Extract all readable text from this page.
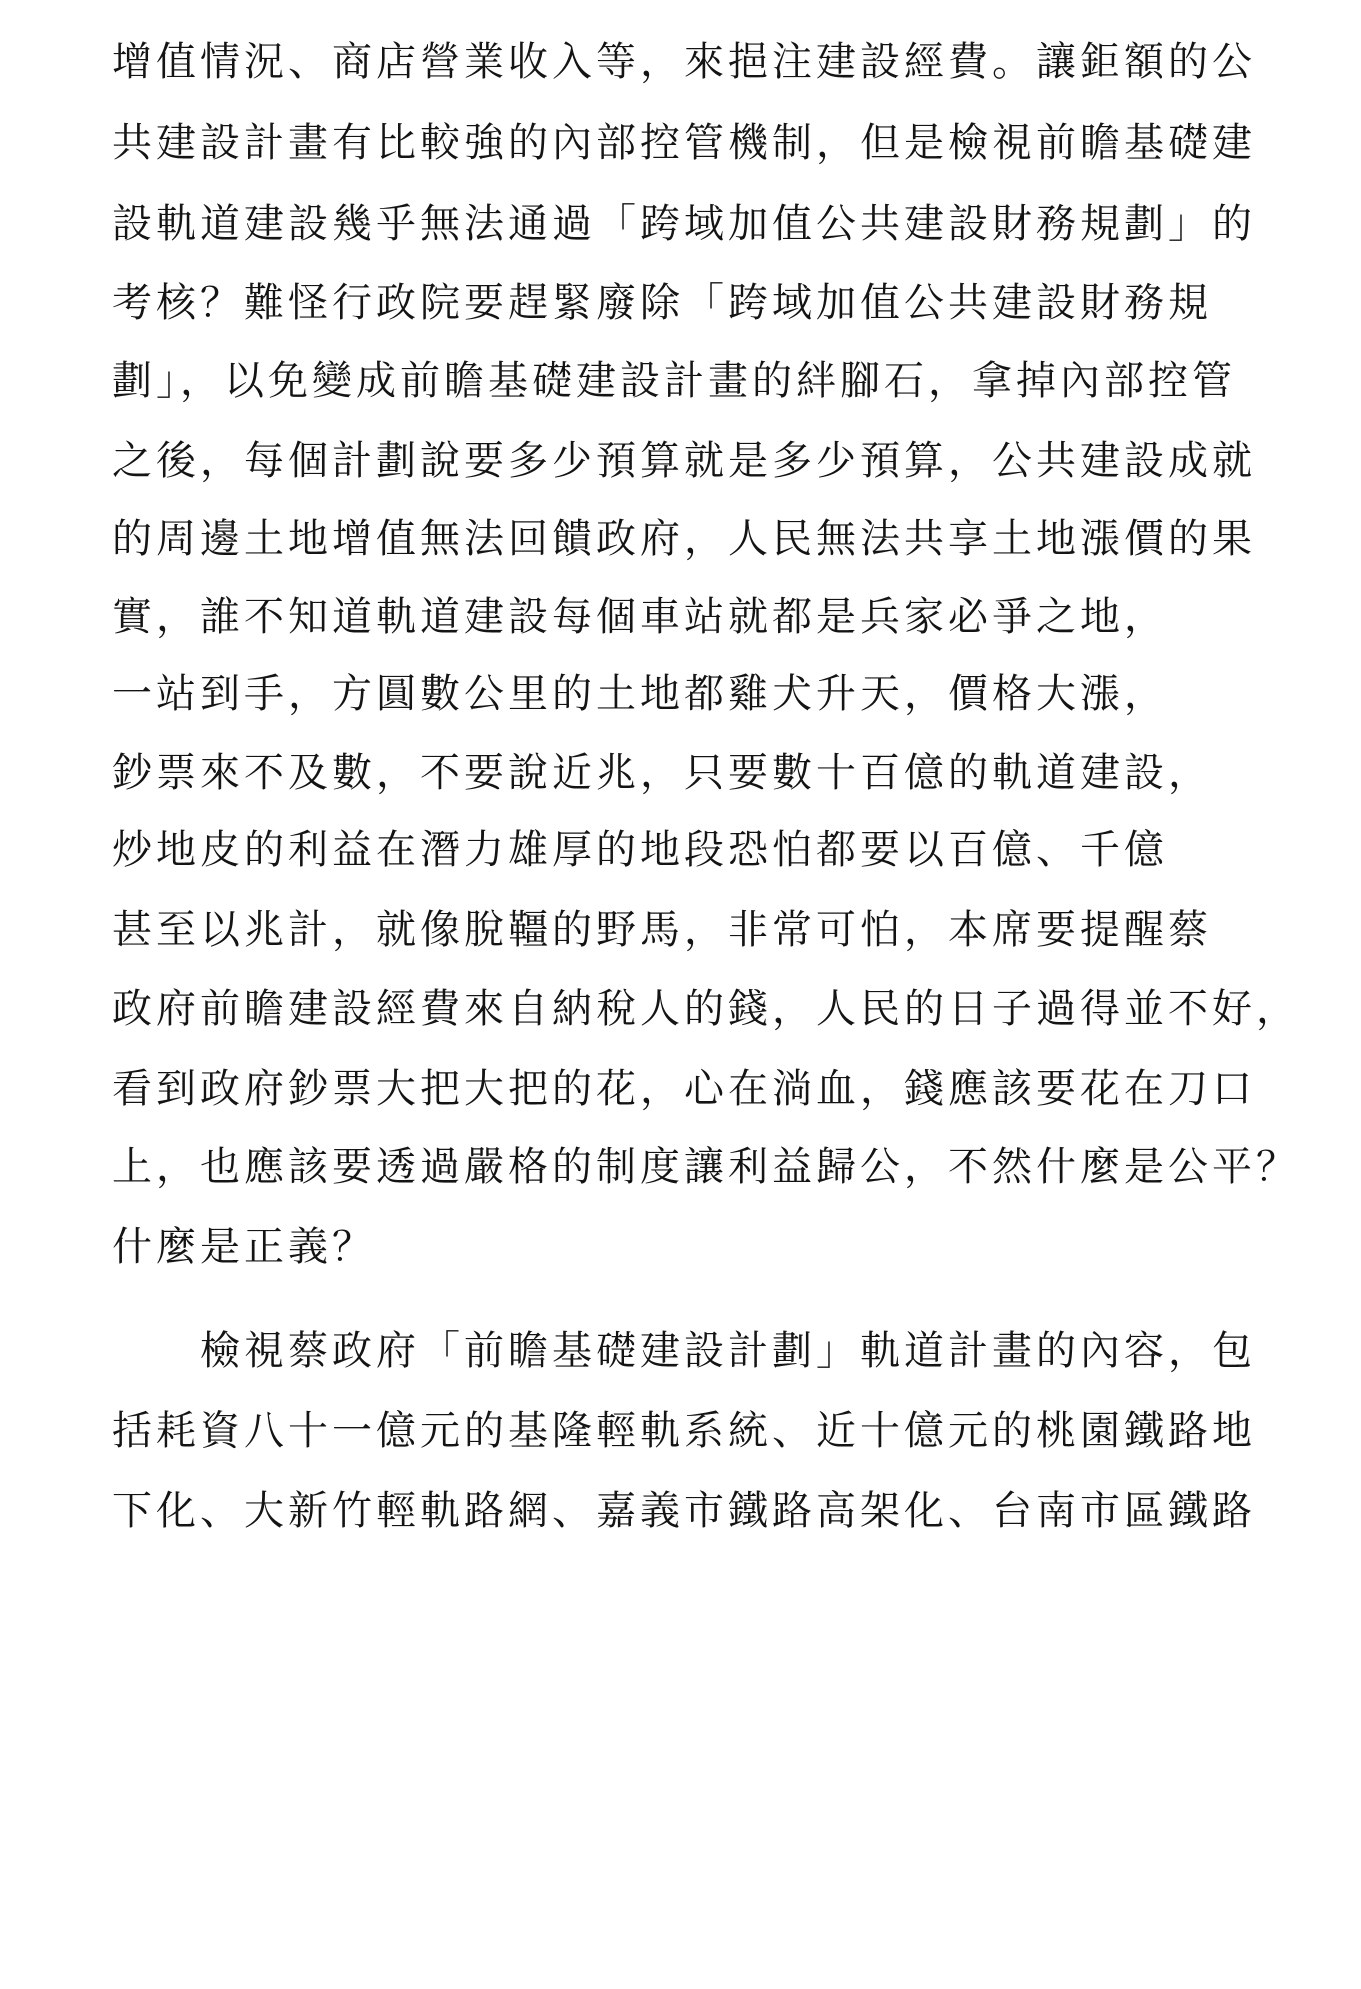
增值情況、商店營業收入等，來挹注建設經費。讓鉅額的公
共建設計畫有比較強的內部控管機制，但是檢視前瞻基礎建
設軌道建設幾乎無法通過「跨域加值公共建設財務規劃」的
考核？難怪行政院要趕緊廢除「跨域加值公共建設財務規
劃」，以免變成前瞻基礎建設計畫的絆腳石，拿掉內部控管
之後，每個計劃說要多少預算就是多少預算，公共建設成就
的周邊土地增值無法回饋政府，人民無法共享土地漲價的果
實，誰不知道軌道建設每個車站就都是兵家必爭之地，
一站到手，方圓數公里的土地都雞犬升天，價格大漲，
鈔票來不及數，不要說近兆，只要數十百億的軌道建設，
炒地皮的利益在潛力雄厚的地段恐怕都要以百億、千億
甚至以兆計，就像脫韁的野馬，非常可怕，本席要提醒蔡
政府前瞻建設經費來自納稅人的錢，人民的日子過得並不好，
看到政府鈔票大把大把的花，心在淌血，錢應該要花在刀口
上，也應該要透過嚴格的制度讓利益歸公，不然什麼是公平？
什麼是正義？
檢視蔡政府「前瞻基礎建設計劃」軌道計畫的內容，包
括耗資八十一億元的基隆輕軌系統、近十億元的桃園鐵路地
下化、大新竹輕軌路網、嘉義市鐵路高架化、台南市區鐵路
